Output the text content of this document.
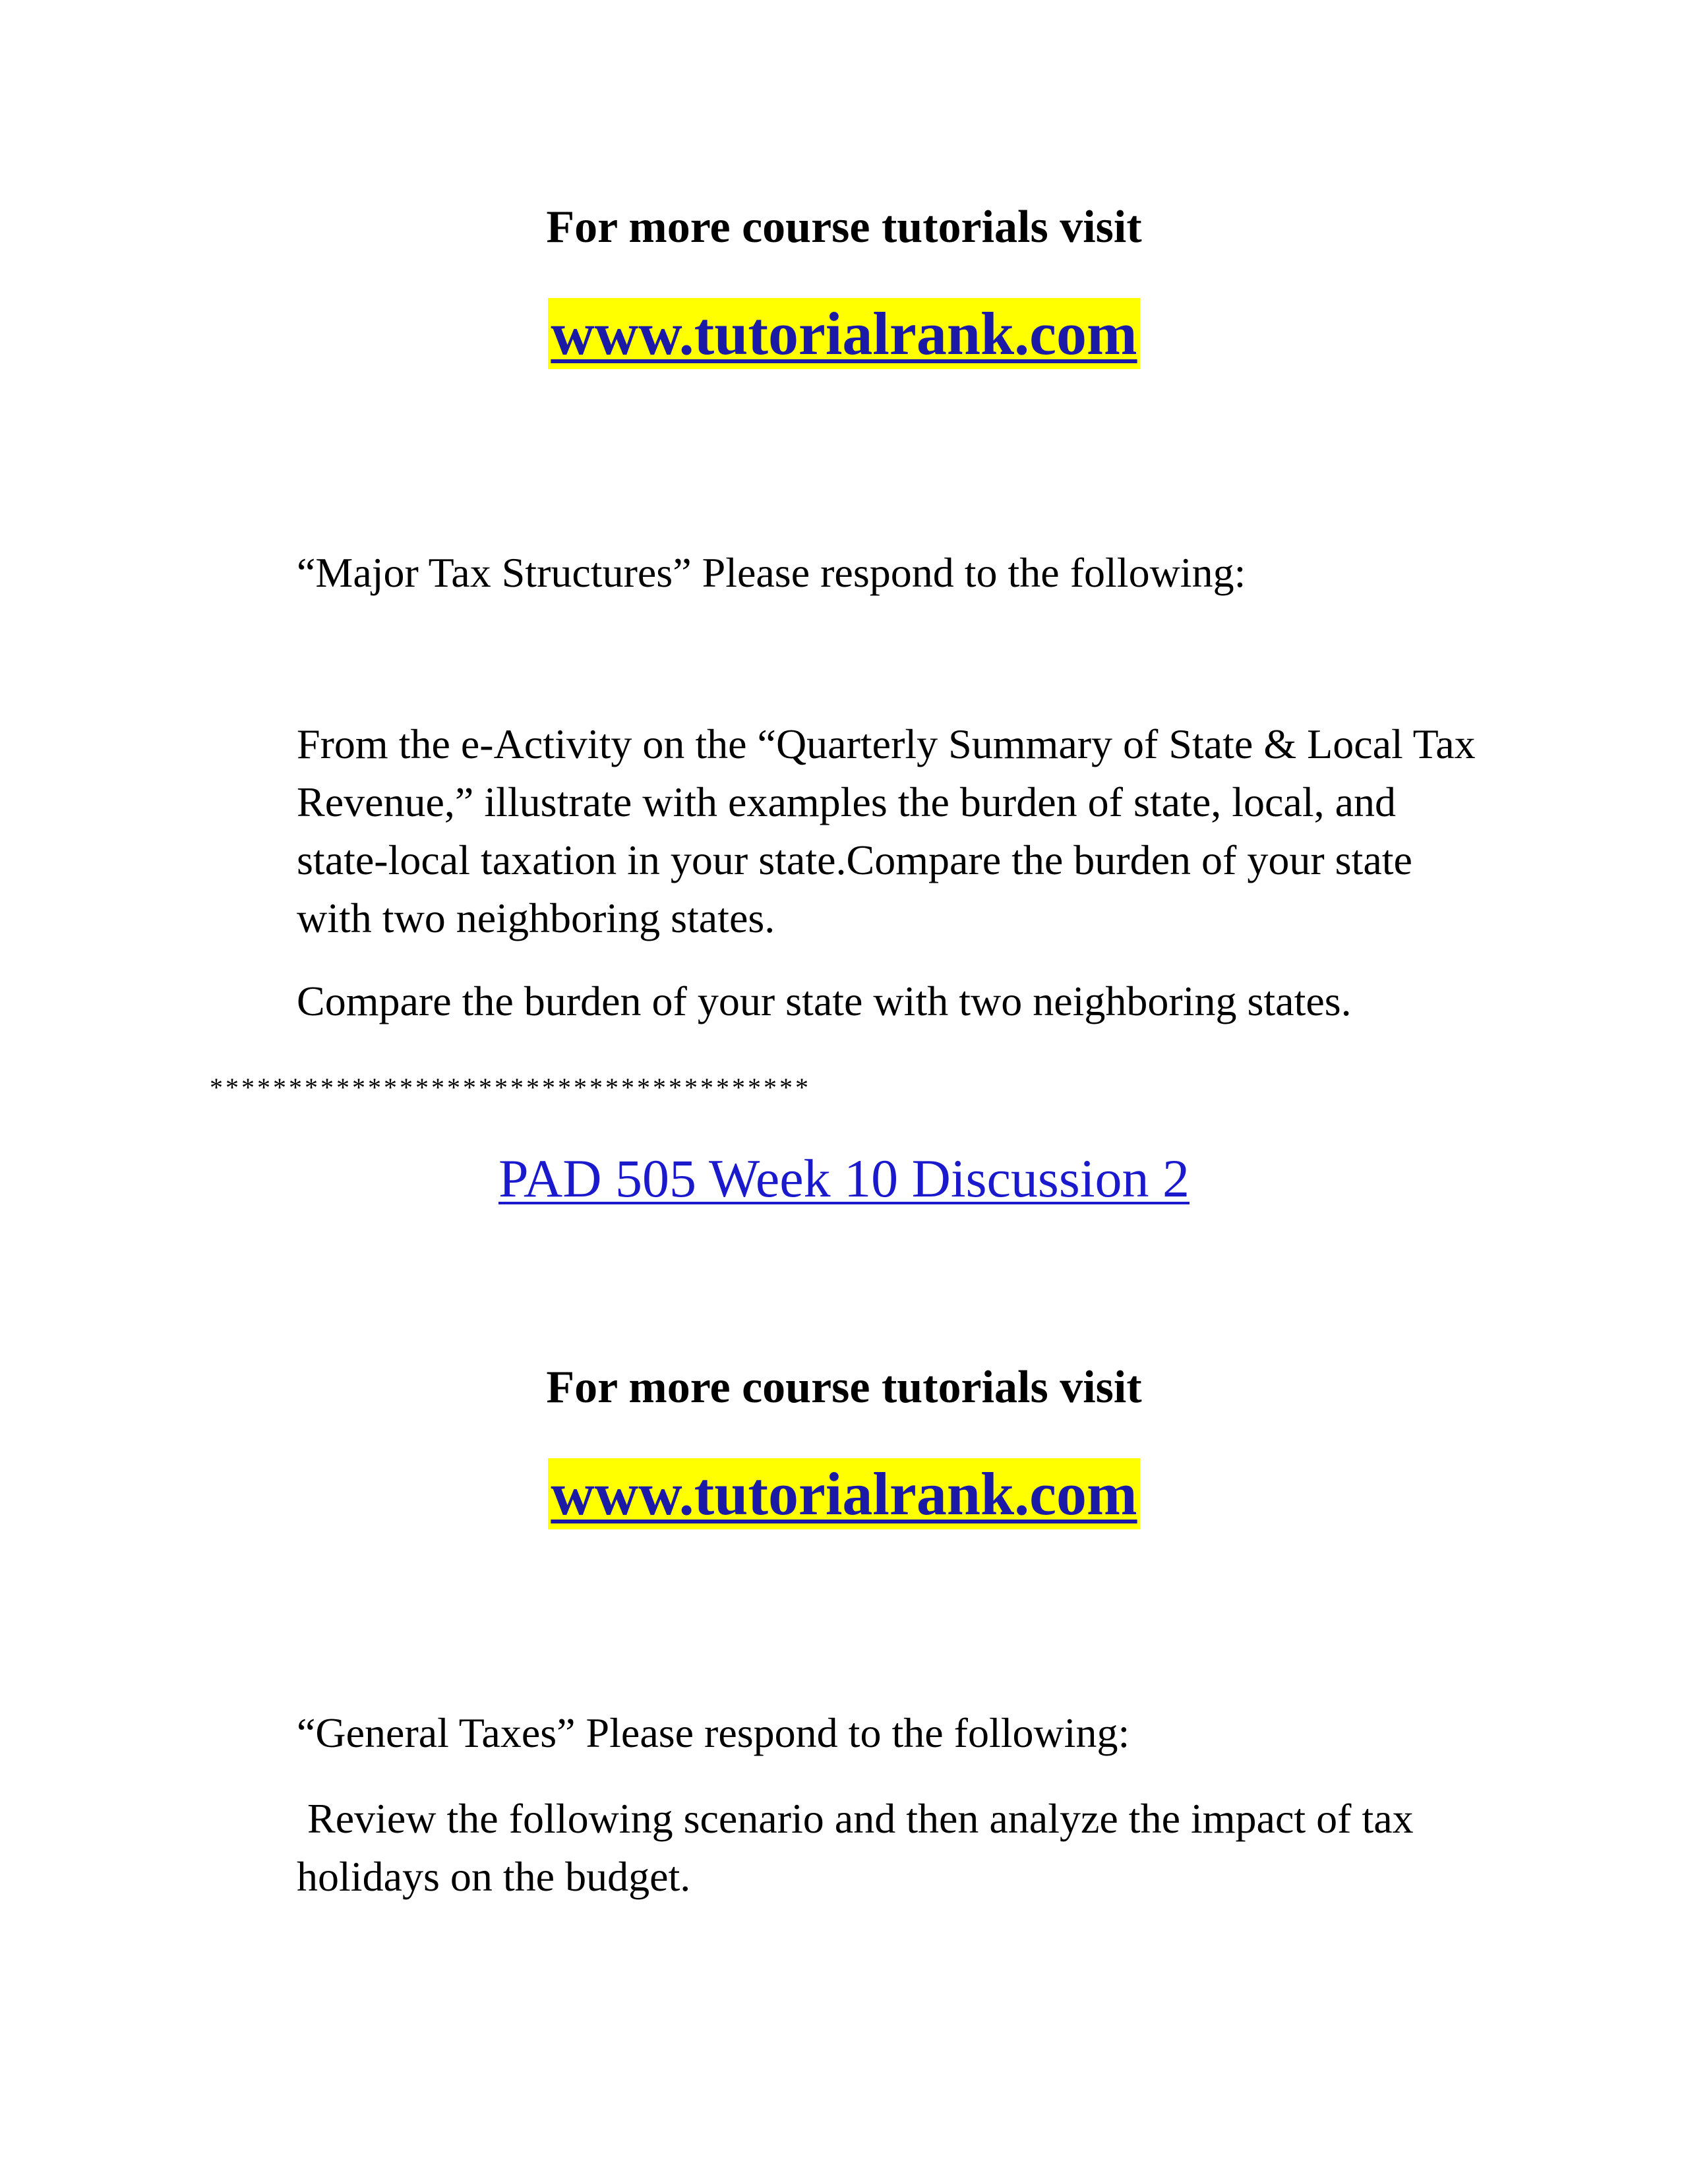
For more course tutorials visit
www.tutorialrank.com
“Major Tax Structures” Please respond to the following:
From the e-Activity on the “Quarterly Summary of State & Local Tax Revenue,” illustrate with examples the burden of state, local, and state-local taxation in your state.Compare the burden of your state with two neighboring states.
Compare the burden of your state with two neighboring states.
**************************************
PAD 505 Week 10 Discussion 2
For more course tutorials visit
www.tutorialrank.com
“General Taxes” Please respond to the following:
Review the following scenario and then analyze the impact of tax holidays on the budget.
